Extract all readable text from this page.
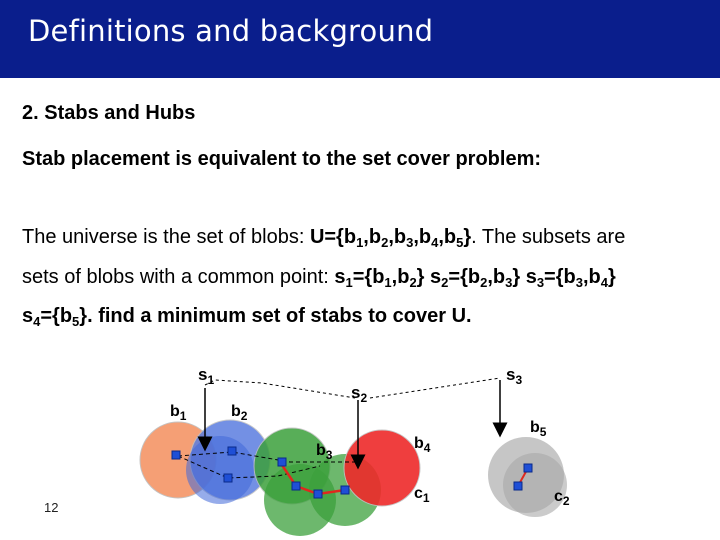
Definitions and background
2. Stabs and Hubs
Stab placement is equivalent to the set cover problem:
The universe is the set of blobs: $U=\{b_1,b_2,b_3,b_4,b_5\}$. The subsets are
sets of blobs with a common point: $s_1=\{b_1,b_2\}$ $s_2=\{b_2,b_3\}$ $s_3=\{b_3,b_4\}$
$s_4=\{b_5\}$. find a minimum set of stabs to cover U.
$s_1$
$s_2$
$s_3$
$b_1$	$b_2$
$b_3$
$b_4$
$b_5$
$c_1$	$c_2$
12
